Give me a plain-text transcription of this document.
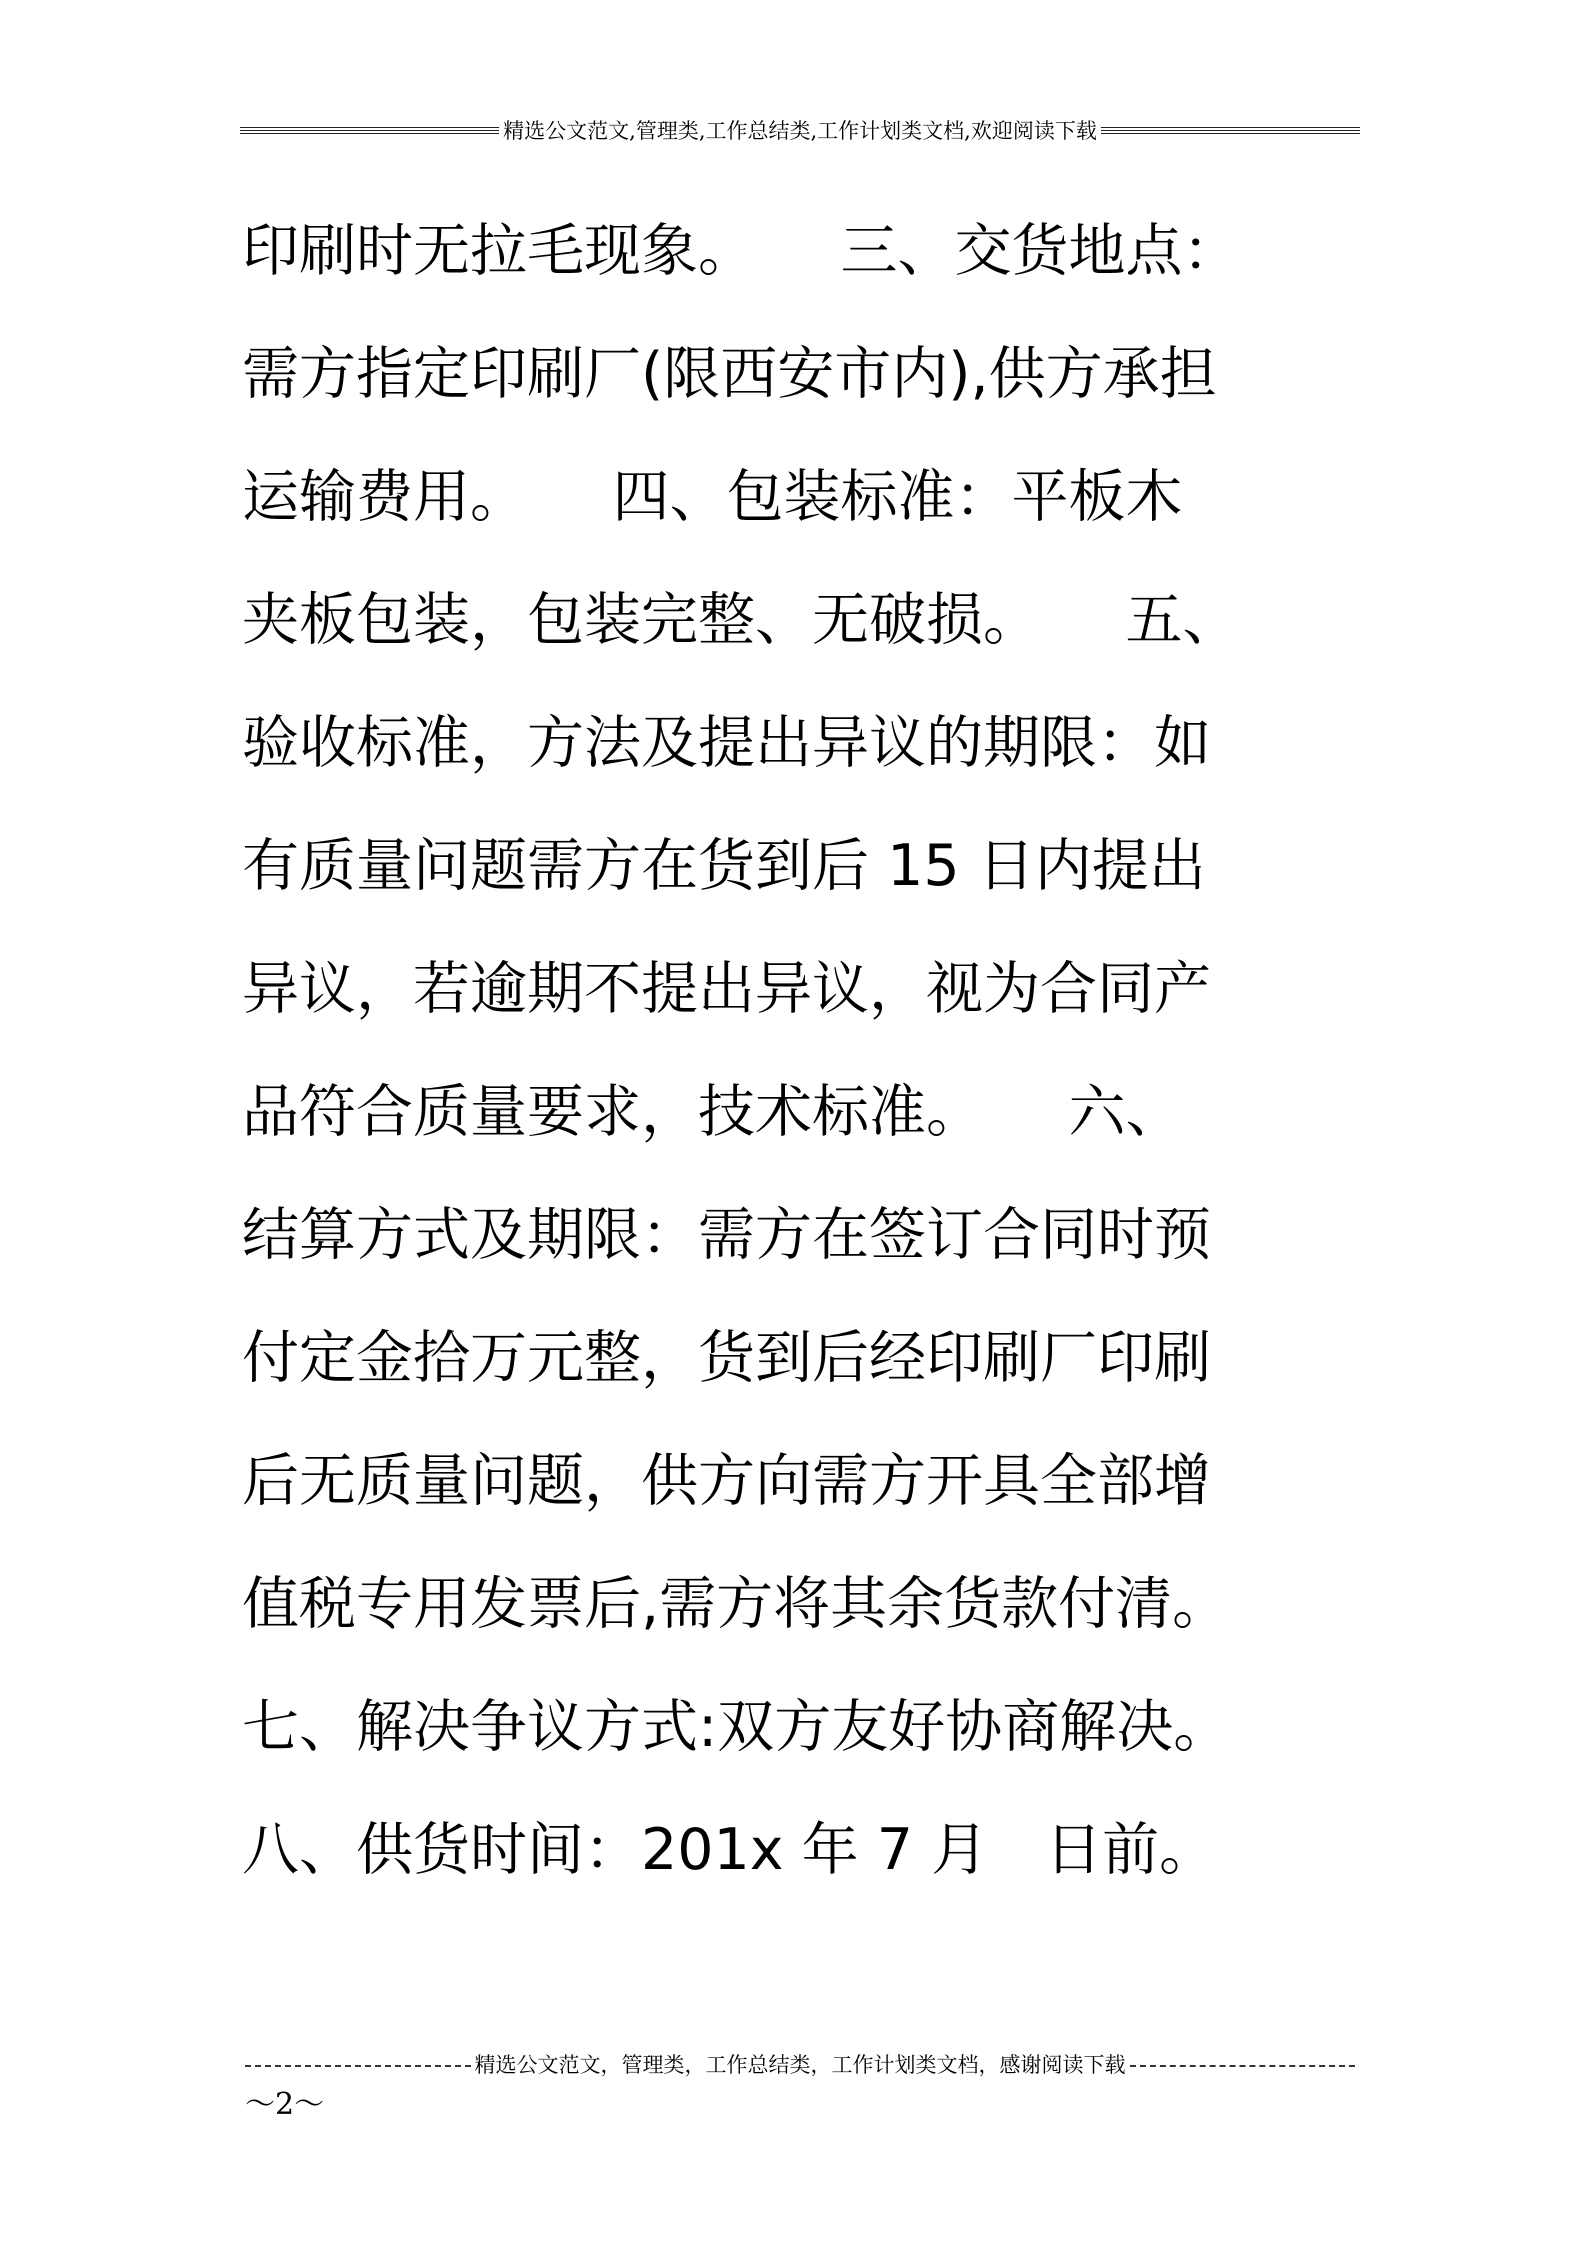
精选公文范文,管理类,工作总结类,工作计划类文档,欢迎阅读下载
印刷时无拉毛现象。　　三、交货地点：
需方指定印刷厂(限西安市内),供方承担
运输费用。　　四、包装标准：平板木
夹板包装，包装完整、无破损。　　五、
验收标准，方法及提出异议的期限：如
有质量问题需方在货到后 15 日内提出
异议，若逾期不提出异议，视为合同产
品符合质量要求，技术标准。　　六、
结算方式及期限：需方在签订合同时预
付定金拾万元整，货到后经印刷厂印刷
后无质量问题，供方向需方开具全部增
值税专用发票后,需方将其余货款付清。
七、解决争议方式:双方友好协商解决。
八、供货时间：201x 年 7 月　日前。
精选公文范文，管理类，工作总结类，工作计划类文档，感谢阅读下载
～2～
